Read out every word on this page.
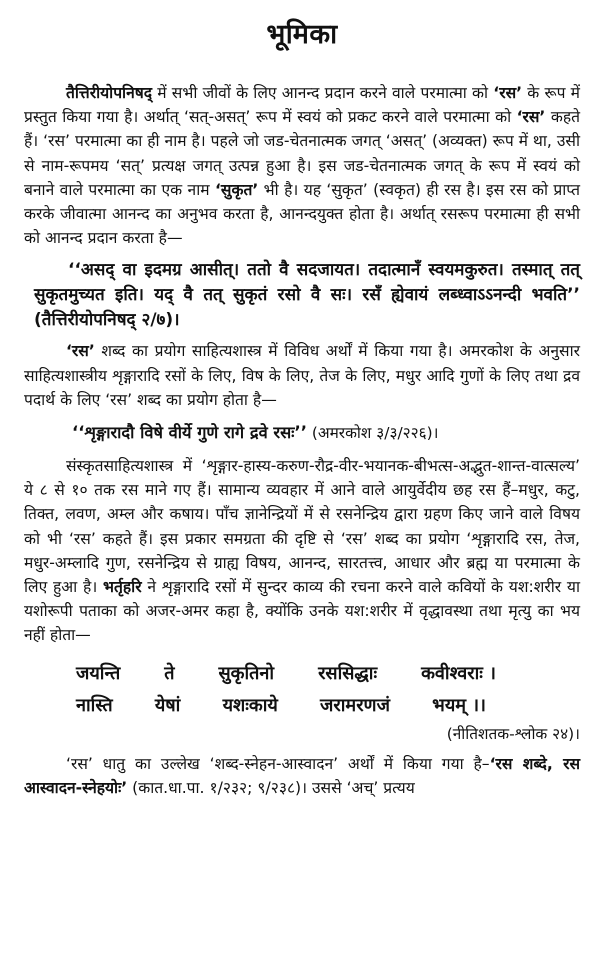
भूमिका

तैत्तिरीयोपनिषद् में सभी जीवों के लिए आनन्द प्रदान करने वाले परमात्मा को ‘रस’ के रूप में प्रस्तुत किया गया है। अर्थात् ‘सत्-असत्’ रूप में स्वयं को प्रकट करने वाले परमात्मा को ‘रस’ कहते हैं। ‘रस’ परमात्मा का ही नाम है। पहले जो जड-चेतनात्मक जगत् ‘असत्’ (अव्यक्त) रूप में था, उसी से नाम-रूपमय ‘सत्’ प्रत्यक्ष जगत् उत्पन्न हुआ है। इस जड-चेतनात्मक जगत् के रूप में स्वयं को बनाने वाले परमात्मा का एक नाम ‘सुकृत’ भी है। यह ‘सुकृत’ (स्वकृत) ही रस है। इस रस को प्राप्त करके जीवात्मा आनन्द का अनुभव करता है, आनन्दयुक्त होता है। अर्थात् रसरूप परमात्मा ही सभी को आनन्द प्रदान करता है—

‘‘असद् वा इदमग्र आसीत्। ततो वै सदजायत। तदात्मानँ स्वयमकुरुत। तस्मात् तत् सुकृतमुच्यत इति। यद् वै तत् सुकृतं रसो वै सः। रसँ ह्येवायं लब्ध्वाऽऽनन्दी भवति’’ (तैत्तिरीयोपनिषद् २/७)।

‘रस’ शब्द का प्रयोग साहित्यशास्त्र में विविध अर्थों में किया गया है। अमरकोश के अनुसार साहित्यशास्त्रीय शृङ्गारादि रसों के लिए, विष के लिए, तेज के लिए, मधुर आदि गुणों के लिए तथा द्रव पदार्थ के लिए ‘रस’ शब्द का प्रयोग होता है—

‘‘शृङ्गारादौ विषे वीर्ये गुणे रागे द्रवे रसः’’ (अमरकोश ३/३/२२६)।

संस्कृतसाहित्यशास्त्र में ‘शृङ्गार-हास्य-करुण-रौद्र-वीर-भयानक-बीभत्स-अद्भुत-शान्त-वात्सल्य’ ये ८ से १० तक रस माने गए हैं। सामान्य व्यवहार में आने वाले आयुर्वेदीय छह रस हैं–मधुर, कटु, तिक्त, लवण, अम्ल और कषाय। पाँच ज्ञानेन्द्रियों में से रसनेन्द्रिय द्वारा ग्रहण किए जाने वाले विषय को भी ‘रस’ कहते हैं। इस प्रकार समग्रता की दृष्टि से ‘रस’ शब्द का प्रयोग ‘शृङ्गारादि रस, तेज, मधुर-अम्लादि गुण, रसनेन्द्रिय से ग्राह्य विषय, आनन्द, सारतत्त्व, आधार और ब्रह्म या परमात्मा के लिए हुआ है। भर्तृहरि ने शृङ्गारादि रसों में सुन्दर काव्य की रचना करने वाले कवियों के यश:शरीर या यशोरूपी पताका को अजर-अमर कहा है, क्योंकि उनके यश:शरीर में वृद्धावस्था तथा मृत्यु का भय नहीं होता—

जयन्ति ते सुकृतिनो रससिद्धाः कवीश्वराः ।
नास्ति येषां यशःकाये जरामरणजं भयम् ।।
(नीतिशतक-श्लोक २४)।

‘रस’ धातु का उल्लेख ‘शब्द-स्नेहन-आस्वादन’ अर्थों में किया गया है–‘रस शब्दे, रस आस्वादन-स्नेहयोः’ (कात.धा.पा. १/२३२; ९/२३८)। उससे ‘अच्’ प्रत्यय
